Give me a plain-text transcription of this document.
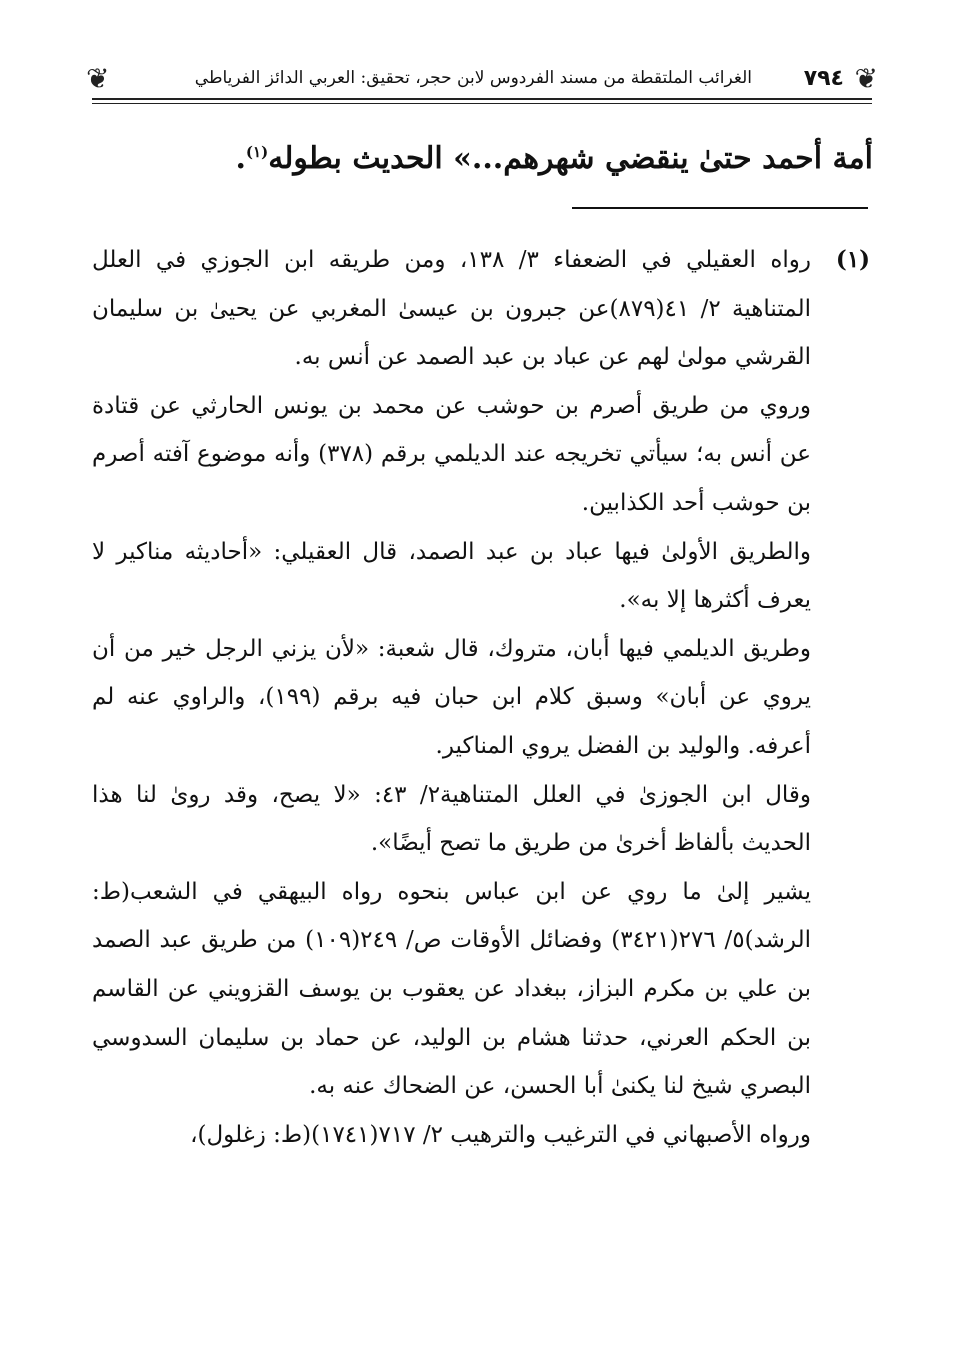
❦
٧٩٤
الغرائب الملتقطة من مسند الفردوس لابن حجر، تحقيق: العربي الدائز الفرياطي
❦
أمة أحمد حتىٰ ينقضي شهرهم...» الحديث بطوله$^{(١)}$.
(١)

رواه العقيلي في الضعفاء ٣/ ١٣٨، ومن طريقه ابن الجوزي في العلل المتناهية ٢/ ٤١(٨٧٩)عن جبرون بن عيسىٰ المغربي عن يحيىٰ بن سليمان القرشي مولىٰ لهم عن عباد بن عبد الصمد عن أنس به.

وروي من طريق أصرم بن حوشب عن محمد بن يونس الحارثي عن قتادة عن أنس به؛ سيأتي تخريجه عند الديلمي برقم (٣٧٨) وأنه موضوع آفته أصرم بن حوشب أحد الكذابين.

والطريق الأولىٰ فيها عباد بن عبد الصمد، قال العقيلي: «أحاديثه مناكير لا يعرف أكثرها إلا به».

وطريق الديلمي فيها أبان، متروك، قال شعبة: «لأن يزني الرجل خير من أن يروي عن أبان» وسبق كلام ابن حبان فيه برقم (١٩٩)، والراوي عنه لم أعرفه. والوليد بن الفضل يروي المناكير.

وقال ابن الجوزىٰ في العلل المتناهية٢/ ٤٣: «لا يصح، وقد روىٰ لنا هذا الحديث بألفاظ أخرىٰ من طريق ما تصح أيضًا».

يشير إلىٰ ما روي عن ابن عباس بنحوه رواه البيهقي في الشعب(ط: الرشد)٥/ ٢٧٦(٣٤٢١) وفضائل الأوقات ص/ ٢٤٩(١٠٩) من طريق عبد الصمد بن علي بن مكرم البزاز، ببغداد عن يعقوب بن يوسف القزويني عن القاسم بن الحكم العرني، حدثنا هشام بن الوليد، عن حماد بن سليمان السدوسي البصري شيخ لنا يكنىٰ أبا الحسن، عن الضحاك عنه به.

ورواه الأصبهاني في الترغيب والترهيب ٢/ ٧١٧(١٧٤١)(ط: زغلول)،
